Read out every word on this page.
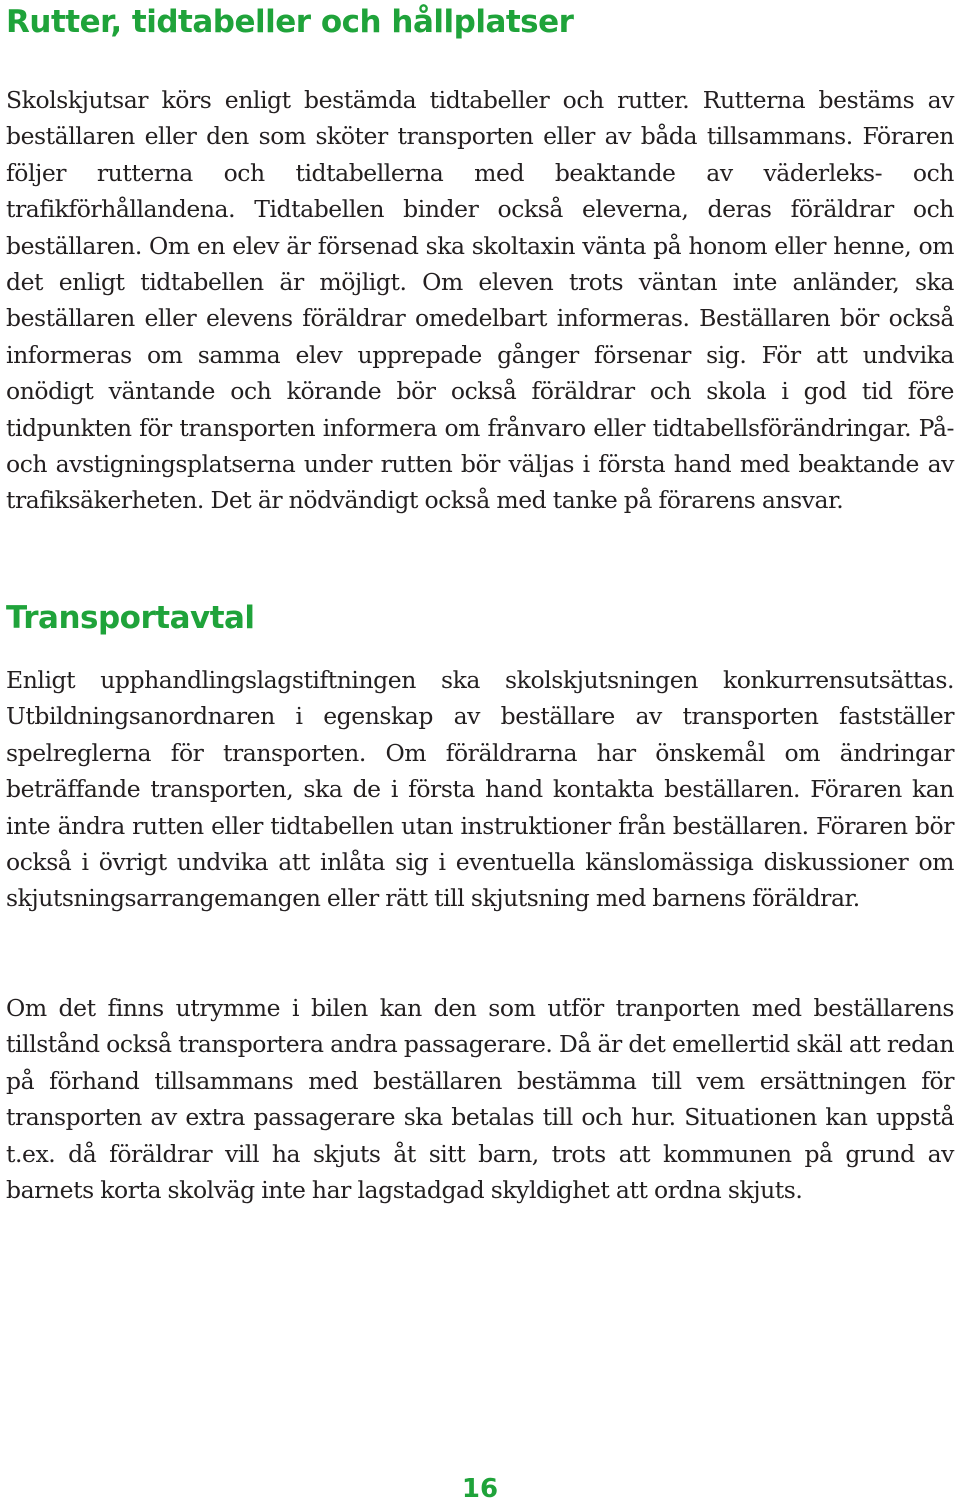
Rutter, tidtabeller och hållplatser

Skolskjutsar körs enligt bestämda tidtabeller och rutter. Rutterna bestäms av beställaren eller den som sköter transporten eller av båda tillsammans. Föraren följer rutterna och tidtabellerna med beaktande av väderleks- och trafikförhållandena. Tidtabellen binder också eleverna, deras föräldrar och beställaren. Om en elev är försenad ska skoltaxin vänta på honom eller henne, om det enligt tidtabellen är möjligt. Om eleven trots väntan inte anländer, ska beställaren eller elevens föräldrar omedelbart informeras. Beställaren bör också informeras om samma elev upprepade gånger försenar sig. För att undvika onödigt väntande och körande bör också föräldrar och skola i god tid före tidpunkten för transporten informera om frånvaro eller tidtabellsförändringar. På- och avstigningsplatserna under rutten bör väljas i första hand med beaktande av trafiksäkerheten. Det är nödvändigt också med tanke på förarens ansvar.

Transportavtal

Enligt upphandlingslagstiftningen ska skolskjutsningen konkurrensutsättas. Utbildningsanordnaren i egenskap av beställare av transporten fastställer spelreglerna för transporten. Om föräldrarna har önskemål om ändringar beträffande transporten, ska de i första hand kontakta beställaren. Föraren kan inte ändra rutten eller tidtabellen utan instruktioner från beställaren. Föraren bör också i övrigt undvika att inlåta sig i eventuella känslomässiga diskussioner om skjutsningsarrangemangen eller rätt till skjutsning med barnens föräldrar.

Om det finns utrymme i bilen kan den som utför tranporten med beställarens tillstånd också transportera andra passagerare. Då är det emellertid skäl att redan på förhand tillsammans med beställaren bestämma till vem ersättningen för transporten av extra passagerare ska betalas till och hur. Situationen kan uppstå t.ex. då föräldrar vill ha skjuts åt sitt barn, trots att kommunen på grund av barnets korta skolväg inte har lagstadgad skyldighet att ordna skjuts.

16
